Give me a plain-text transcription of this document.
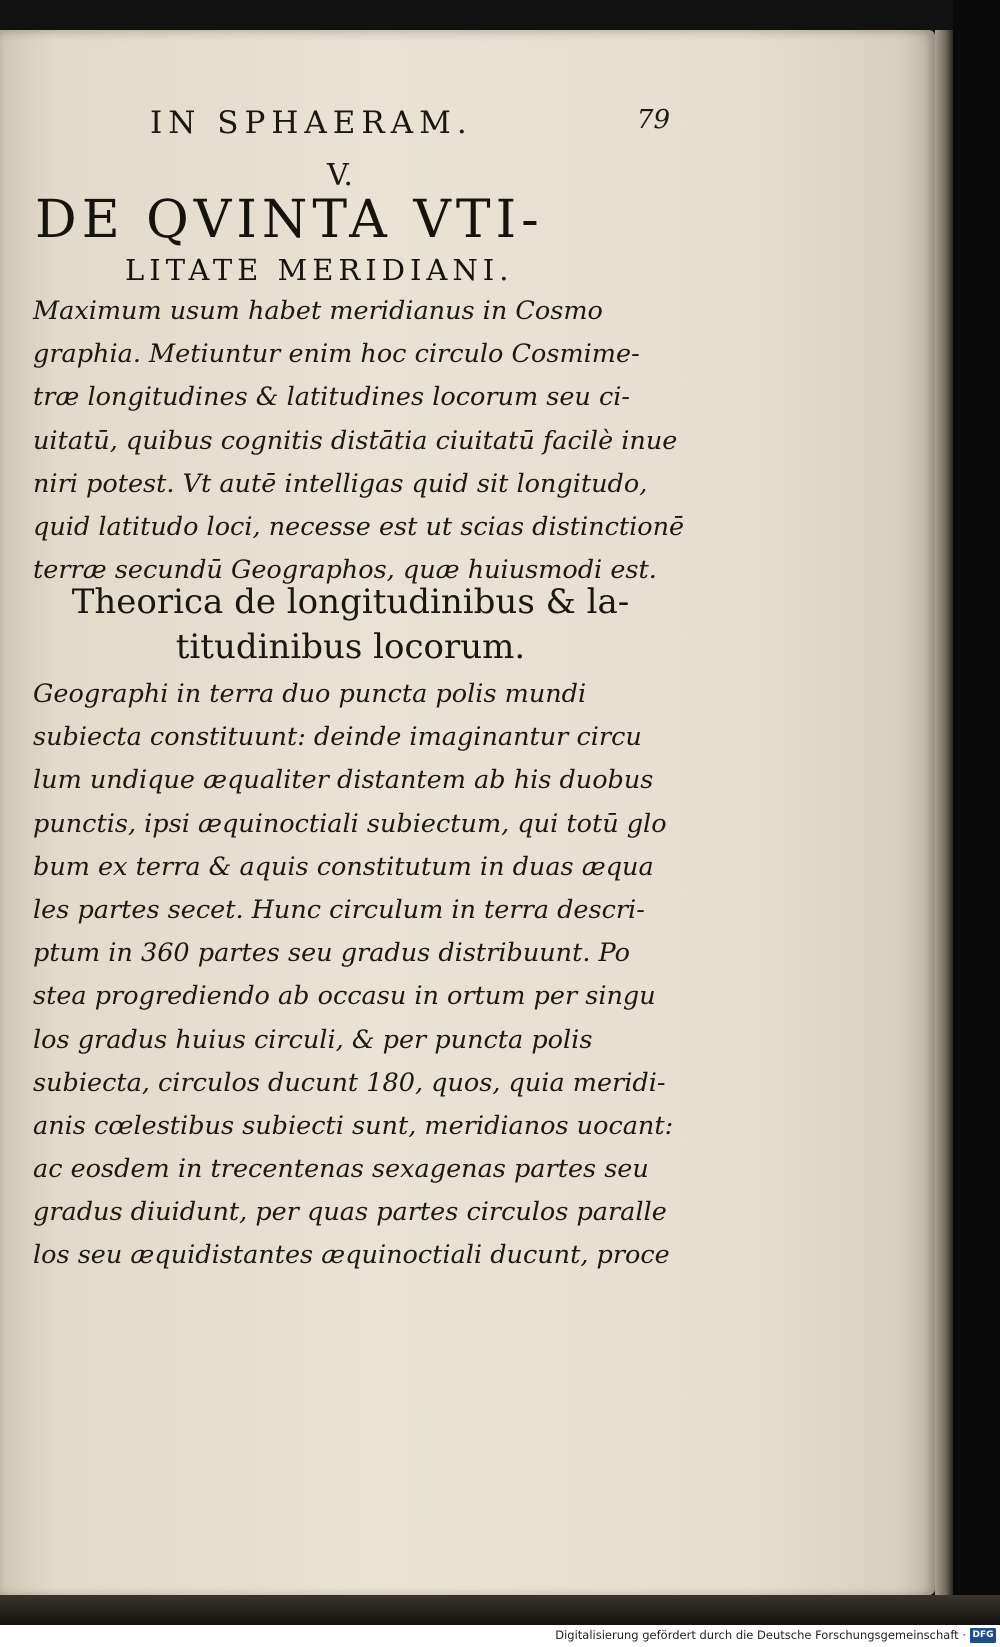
IN SPHAERAM.	79
V.
DE QVINTA VTI-
LITATE MERIDIANI.
Maximum usum habet meridianus in Cosmo
graphia. Metiuntur enim hoc circulo Cosmime-
træ longitudines & latitudines locorum seu ci-
uitatū, quibus cognitis distātia ciuitatū facilè inue
niri potest. Vt autē intelligas quid sit longitudo,
quid latitudo loci, necesse est ut scias distinctionē
terræ secundū Geographos, quæ huiusmodi est.
Theorica de longitudinibus & la-
titudinibus locorum.
Geographi in terra duo puncta polis mundi
subiecta constituunt: deinde imaginantur circu
lum undique æqualiter distantem ab his duobus
punctis, ipsi æquinoctiali subiectum, qui totū glo
bum ex terra & aquis constitutum in duas æqua
les partes secet. Hunc circulum in terra descri-
ptum in 360 partes seu gradus distribuunt. Po
stea progrediendo ab occasu in ortum per singu
los gradus huius circuli, & per puncta polis
subiecta, circulos ducunt 180, quos, quia meridi-
anis cœlestibus subiecti sunt, meridianos uocant:
ac eosdem in trecentenas sexagenas partes seu
gradus diuidunt, per quas partes circulos paralle
los seu æquidistantes æquinoctiali ducunt, proce
Digitalisierung gefördert durch die Deutsche Forschungsgemeinschaft · DFG
